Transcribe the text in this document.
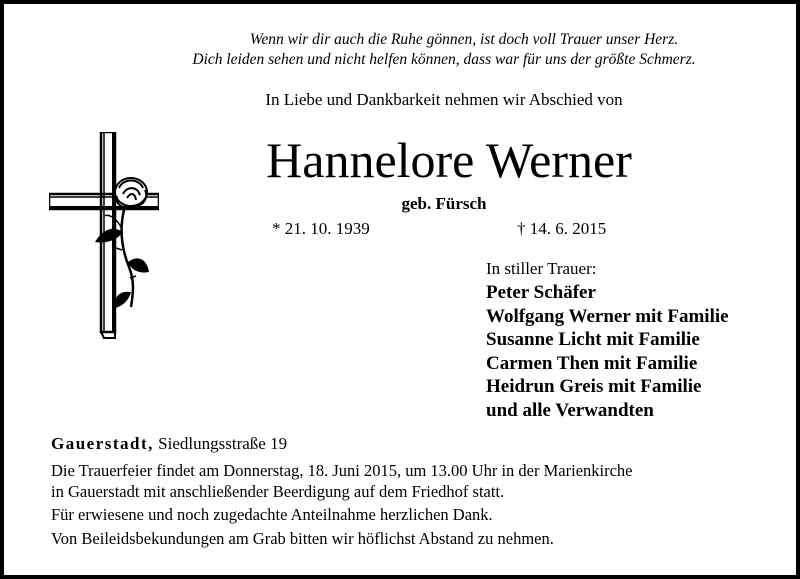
Wenn wir dir auch die Ruhe gönnen, ist doch voll Trauer unser Herz.
Dich leiden sehen und nicht helfen können, dass war für uns der größte Schmerz.
In Liebe und Dankbarkeit nehmen wir Abschied von
Hannelore Werner
geb. Fürsch
* 21. 10. 1939	† 14. 6. 2015
In stiller Trauer:
Peter Schäfer
Wolfgang Werner mit Familie
Susanne Licht mit Familie
Carmen Then mit Familie
Heidrun Greis mit Familie
und alle Verwandten
Gauerstadt, Siedlungsstraße 19

Die Trauerfeier findet am Donnerstag, 18. Juni 2015, um 13.00 Uhr in der Marienkirche

in Gauerstadt mit anschließender Beerdigung auf dem Friedhof statt.

Für erwiesene und noch zugedachte Anteilnahme herzlichen Dank.

Von Beileidsbekundungen am Grab bitten wir höflichst Abstand zu nehmen.
